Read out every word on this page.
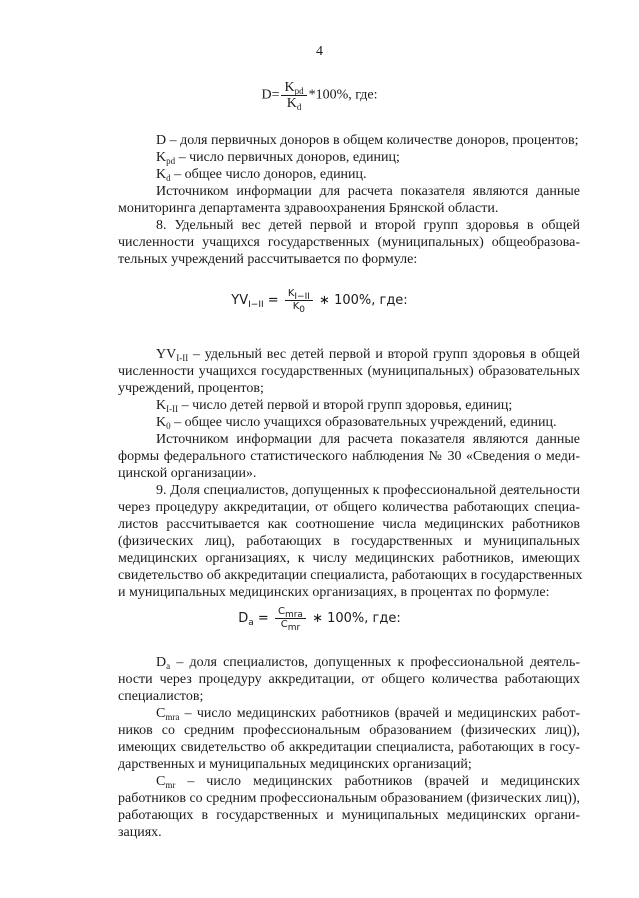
4
$D= \frac{K_{pd}}{K_d} *100\%$, где:
D – доля первичных доноров в общем количестве доноров, процентов;
$K_{pd}$ – число первичных доноров, единиц;
$K_d$ – общее число доноров, единиц.
Источником информации для расчета показателя являются данные
мониторинга департамента здравоохранения Брянской области.
8. Удельный вес детей первой и второй групп здоровья в общей
численности учащихся государственных (муниципальных) общеобразова-
тельных учреждений рассчитывается по формуле:
$YV_{I-II} = \frac{K_{I-II}}{K_0}$ ∗ 100%, где:
$YV_{I-II}$ – удельный вес детей первой и второй групп здоровья в общей
численности учащихся государственных (муниципальных) образовательных
учреждений, процентов;
$K_{I-II}$ – число детей первой и второй групп здоровья, единиц;
$K_0$ – общее число учащихся образовательных учреждений, единиц.
Источником информации для расчета показателя являются данные
формы федерального статистического наблюдения № 30 «Сведения о меди-
цинской организации».
9. Доля специалистов, допущенных к профессиональной деятельности
через процедуру аккредитации, от общего количества работающих специа-
листов рассчитывается как соотношение числа медицинских работников
(физических лиц), работающих в государственных и муниципальных
медицинских организациях, к числу медицинских работников, имеющих
свидетельство об аккредитации специалиста, работающих в государственных
и муниципальных медицинских организациях, в процентах по формуле:
$D_a = \frac{C_{mra}}{C_{mr}}$ ∗ 100%, где:
$D_a$ – доля специалистов, допущенных к профессиональной деятель-
ности через процедуру аккредитации, от общего количества работающих
специалистов;
$C_{mra}$ – число медицинских работников (врачей и медицинских работ-
ников со средним профессиональным образованием (физических лиц)),
имеющих свидетельство об аккредитации специалиста, работающих в госу-
дарственных и муниципальных медицинских организаций;
$C_{mr}$ – число медицинских работников (врачей и медицинских
работников со средним профессиональным образованием (физических лиц)),
работающих в государственных и муниципальных медицинских органи-
зациях.
